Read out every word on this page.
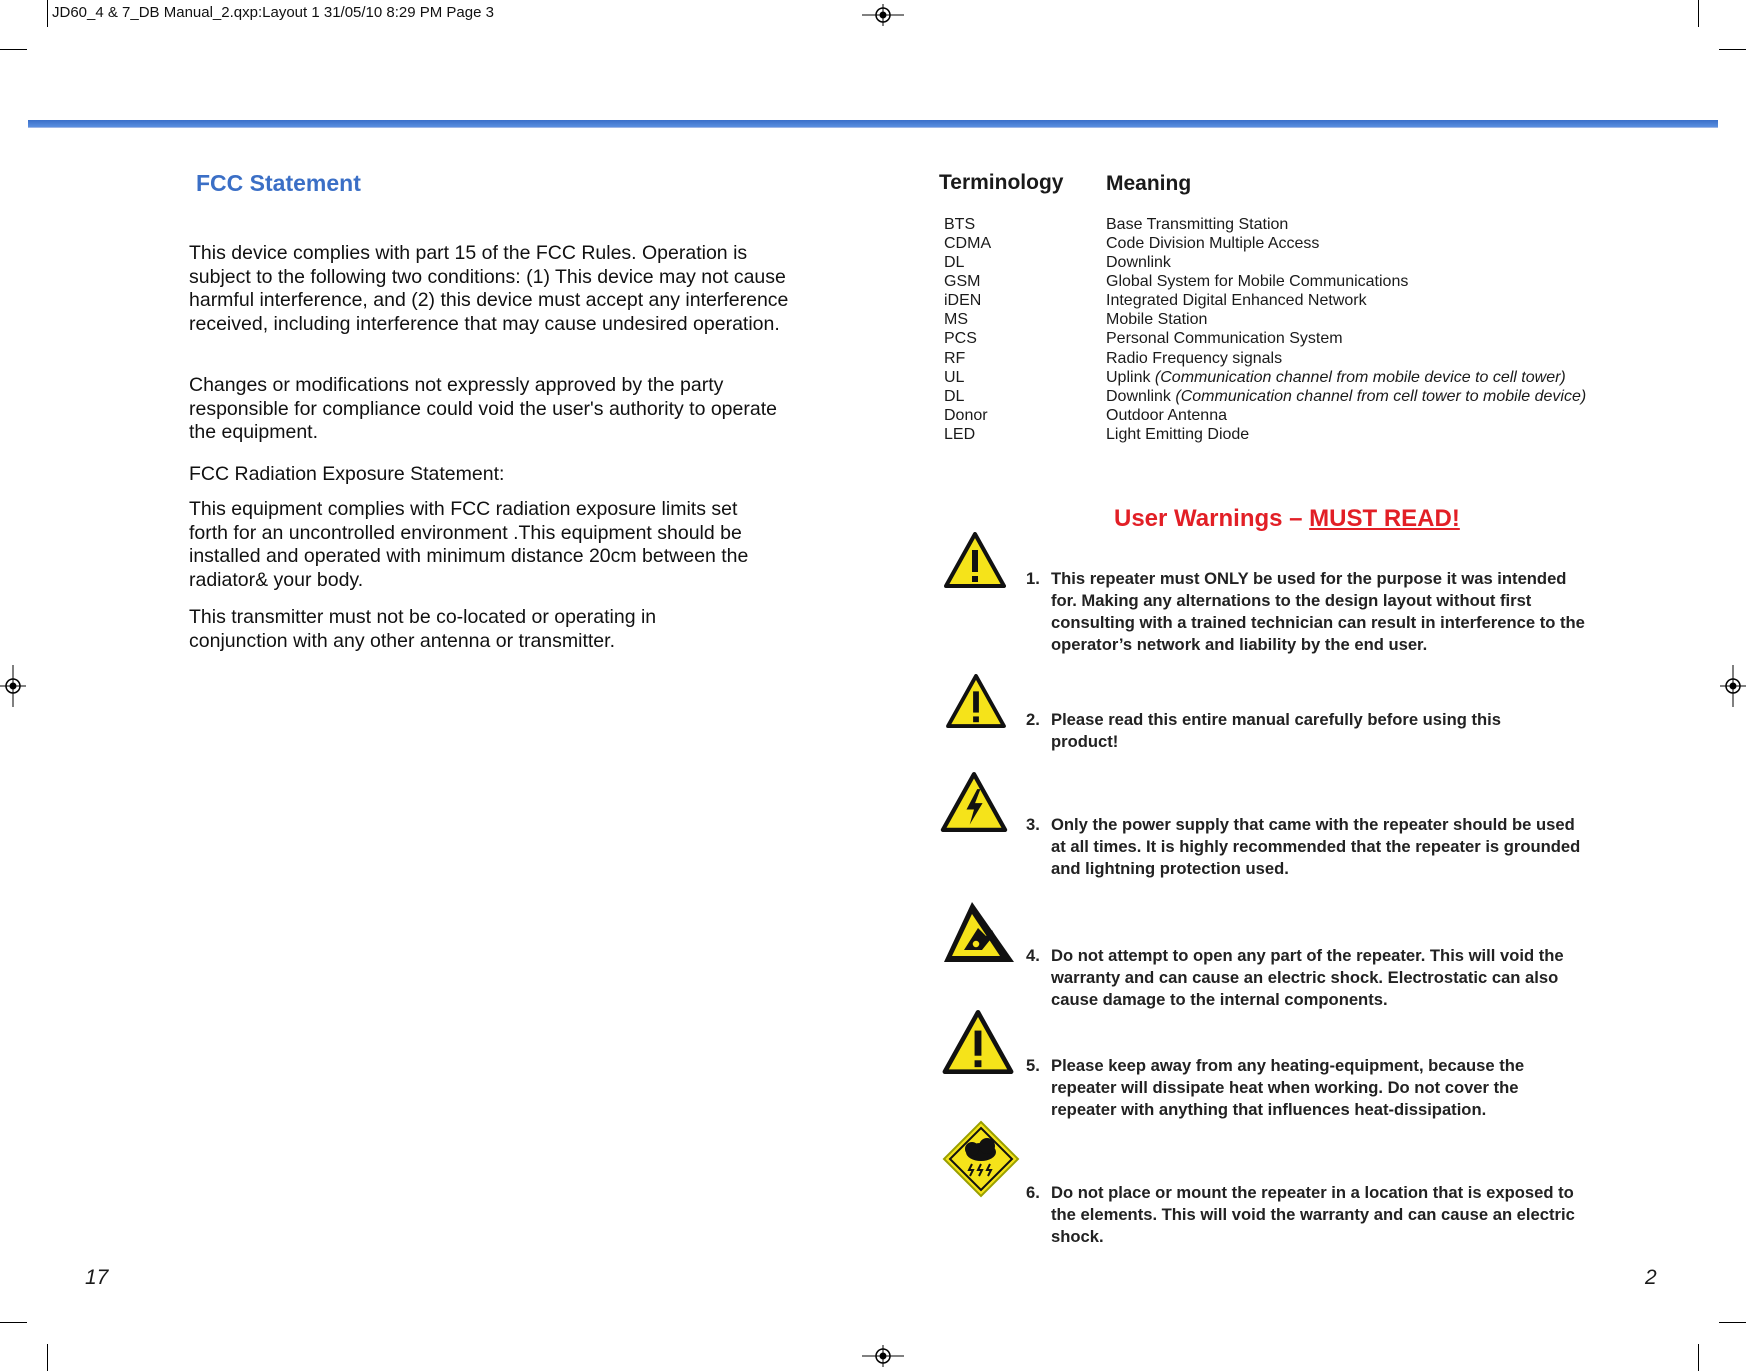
JD60_4 & 7_DB Manual_2.qxp:Layout 1 31/05/10 8:29 PM Page 3
FCC Statement
This device complies with part 15 of the FCC Rules. Operation is subject to the following two conditions: (1) This device may not cause harmful interference, and (2) this device must accept any interference received, including interference that may cause undesired operation.
Changes or modifications not expressly approved by the party responsible for compliance could void the user's authority to operate the equipment.
FCC Radiation Exposure Statement:
This equipment complies with FCC radiation exposure limits set forth for an uncontrolled environment .This equipment should be installed and operated with minimum distance 20cm between the radiator& your body.
This transmitter must not be co-located or operating in conjunction with any other antenna or transmitter.
17
Terminology Meaning
BTS	Base Transmitting Station
CDMA	Code Division Multiple Access
DL	Downlink
GSM	Global System for Mobile Communications
iDEN	Integrated Digital Enhanced Network
MS	Mobile Station
PCS	Personal Communication System
RF	Radio Frequency signals
UL	Uplink (Communication channel from mobile device to cell tower)
DL	Downlink (Communication channel from cell tower to mobile device)
Donor	Outdoor Antenna
LED	Light Emitting Diode
User Warnings – MUST READ!
1. This repeater must ONLY be used for the purpose it was intended for. Making any alternations to the design layout without first consulting with a trained technician can result in interference to the operator’s network and liability by the end user.
2. Please read this entire manual carefully before using this product!
3. Only the power supply that came with the repeater should be used at all times. It is highly recommended that the repeater is grounded and lightning protection used.
4. Do not attempt to open any part of the repeater. This will void the warranty and can cause an electric shock. Electrostatic can also cause damage to the internal components.
5. Please keep away from any heating-equipment, because the repeater will dissipate heat when working. Do not cover the repeater with anything that influences heat-dissipation.
6. Do not place or mount the repeater in a location that is exposed to the elements. This will void the warranty and can cause an electric shock.
2
